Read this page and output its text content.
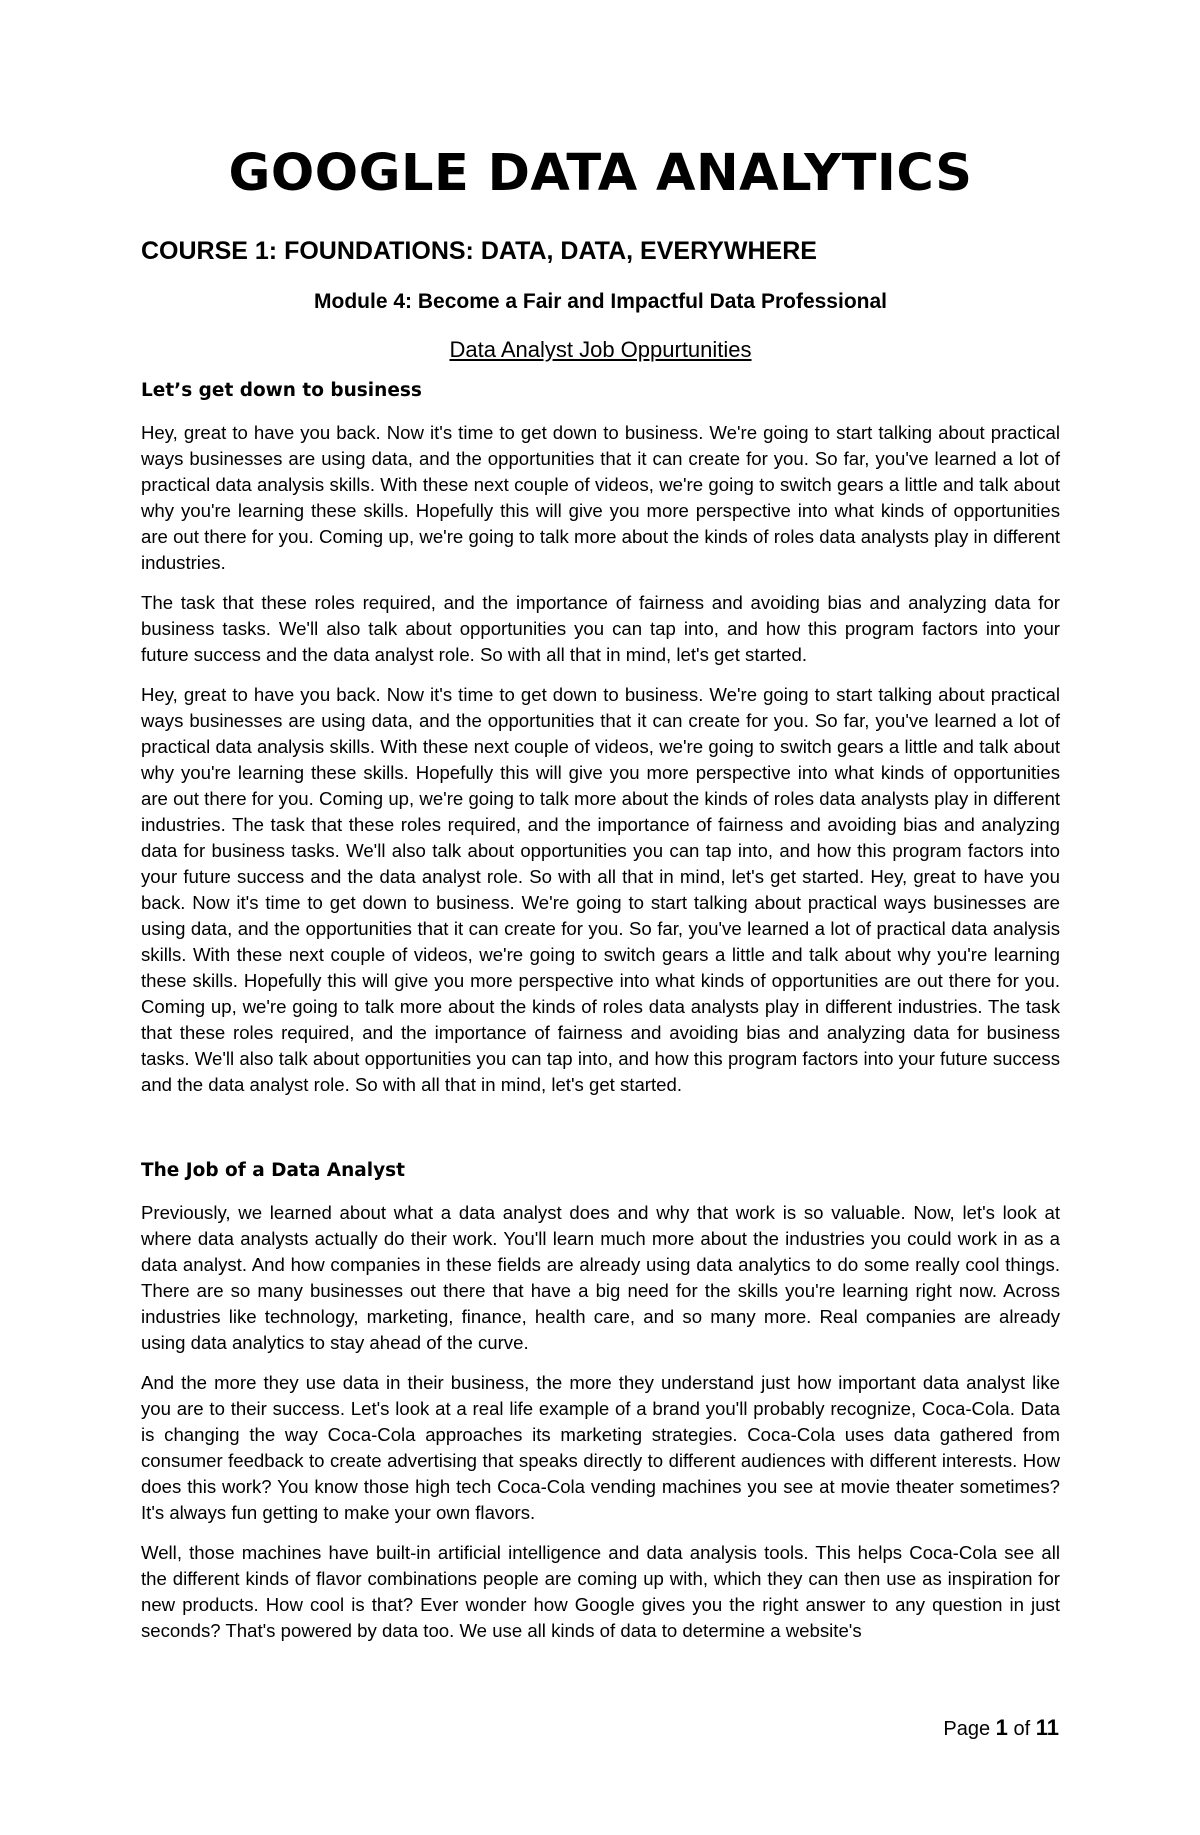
GOOGLE DATA ANALYTICS
COURSE 1: FOUNDATIONS: DATA, DATA, EVERYWHERE
Module 4: Become a Fair and Impactful Data Professional
Data Analyst Job Oppurtunities
Let’s get down to business

Hey, great to have you back. Now it's time to get down to business. We're going to start talking about practical ways businesses are using data, and the opportunities that it can create for you. So far, you've learned a lot of practical data analysis skills. With these next couple of videos, we're going to switch gears a little and talk about why you're learning these skills. Hopefully this will give you more perspective into what kinds of opportunities are out there for you. Coming up, we're going to talk more about the kinds of roles data analysts play in different industries.

The task that these roles required, and the importance of fairness and avoiding bias and analyzing data for business tasks. We'll also talk about opportunities you can tap into, and how this program factors into your future success and the data analyst role. So with all that in mind, let's get started.

Hey, great to have you back. Now it's time to get down to business. We're going to start talking about practical ways businesses are using data, and the opportunities that it can create for you. So far, you've learned a lot of practical data analysis skills. With these next couple of videos, we're going to switch gears a little and talk about why you're learning these skills. Hopefully this will give you more perspective into what kinds of opportunities are out there for you. Coming up, we're going to talk more about the kinds of roles data analysts play in different industries. The task that these roles required, and the importance of fairness and avoiding bias and analyzing data for business tasks. We'll also talk about opportunities you can tap into, and how this program factors into your future success and the data analyst role. So with all that in mind, let's get started. Hey, great to have you back. Now it's time to get down to business. We're going to start talking about practical ways businesses are using data, and the opportunities that it can create for you. So far, you've learned a lot of practical data analysis skills. With these next couple of videos, we're going to switch gears a little and talk about why you're learning these skills. Hopefully this will give you more perspective into what kinds of opportunities are out there for you. Coming up, we're going to talk more about the kinds of roles data analysts play in different industries. The task that these roles required, and the importance of fairness and avoiding bias and analyzing data for business tasks. We'll also talk about opportunities you can tap into, and how this program factors into your future success and the data analyst role. So with all that in mind, let's get started.

The Job of a Data Analyst

Previously, we learned about what a data analyst does and why that work is so valuable. Now, let's look at where data analysts actually do their work. You'll learn much more about the industries you could work in as a data analyst. And how companies in these fields are already using data analytics to do some really cool things. There are so many businesses out there that have a big need for the skills you're learning right now. Across industries like technology, marketing, finance, health care, and so many more. Real companies are already using data analytics to stay ahead of the curve.

And the more they use data in their business, the more they understand just how important data analyst like you are to their success. Let's look at a real life example of a brand you'll probably recognize, Coca-Cola. Data is changing the way Coca-Cola approaches its marketing strategies. Coca-Cola uses data gathered from consumer feedback to create advertising that speaks directly to different audiences with different interests. How does this work? You know those high tech Coca-Cola vending machines you see at movie theater sometimes? It's always fun getting to make your own flavors.

Well, those machines have built-in artificial intelligence and data analysis tools. This helps Coca-Cola see all the different kinds of flavor combinations people are coming up with, which they can then use as inspiration for new products. How cool is that? Ever wonder how Google gives you the right answer to any question in just seconds? That's powered by data too. We use all kinds of data to determine a website's

Page 1 of 11
